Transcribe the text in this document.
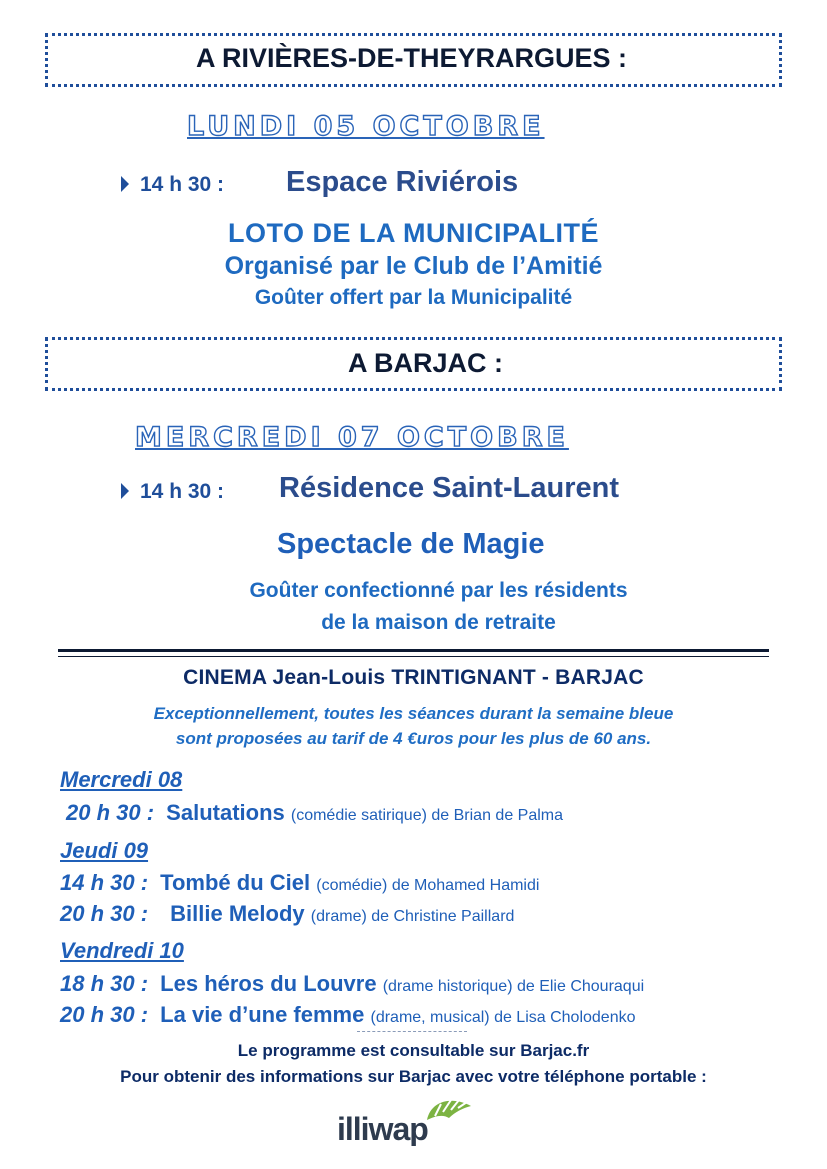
A RIVIÈRES-DE-THEYRARGUES :
LUNDI 05 OCTOBRE
14 h 30 : Espace Riviérois
LOTO DE LA MUNICIPALITÉ
Organisé par le Club de l’Amitié
Goûter offert par la Municipalité
A BARJAC :
MERCREDI 07 OCTOBRE
14 h 30 : Résidence Saint-Laurent
Spectacle de Magie
Goûter confectionné par les résidents
de la maison de retraite
CINEMA Jean-Louis TRINTIGNANT - BARJAC
Exceptionnellement, toutes les séances durant la semaine bleue
sont proposées au tarif de 4 €uros pour les plus de 60 ans.
Mercredi 08
20 h 30 : Salutations (comédie satirique) de Brian de Palma
Jeudi 09
14 h 30 : Tombé du Ciel (comédie) de Mohamed Hamidi
20 h 30 : Billie Melody (drame) de Christine Paillard
Vendredi 10
18 h 30 : Les héros du Louvre (drame historique) de Elie Chouraqui
20 h 30 : La vie d’une femme (drame, musical) de Lisa Cholodenko
Le programme est consultable sur Barjac.fr
Pour obtenir des informations sur Barjac avec votre téléphone portable :
illiwap
